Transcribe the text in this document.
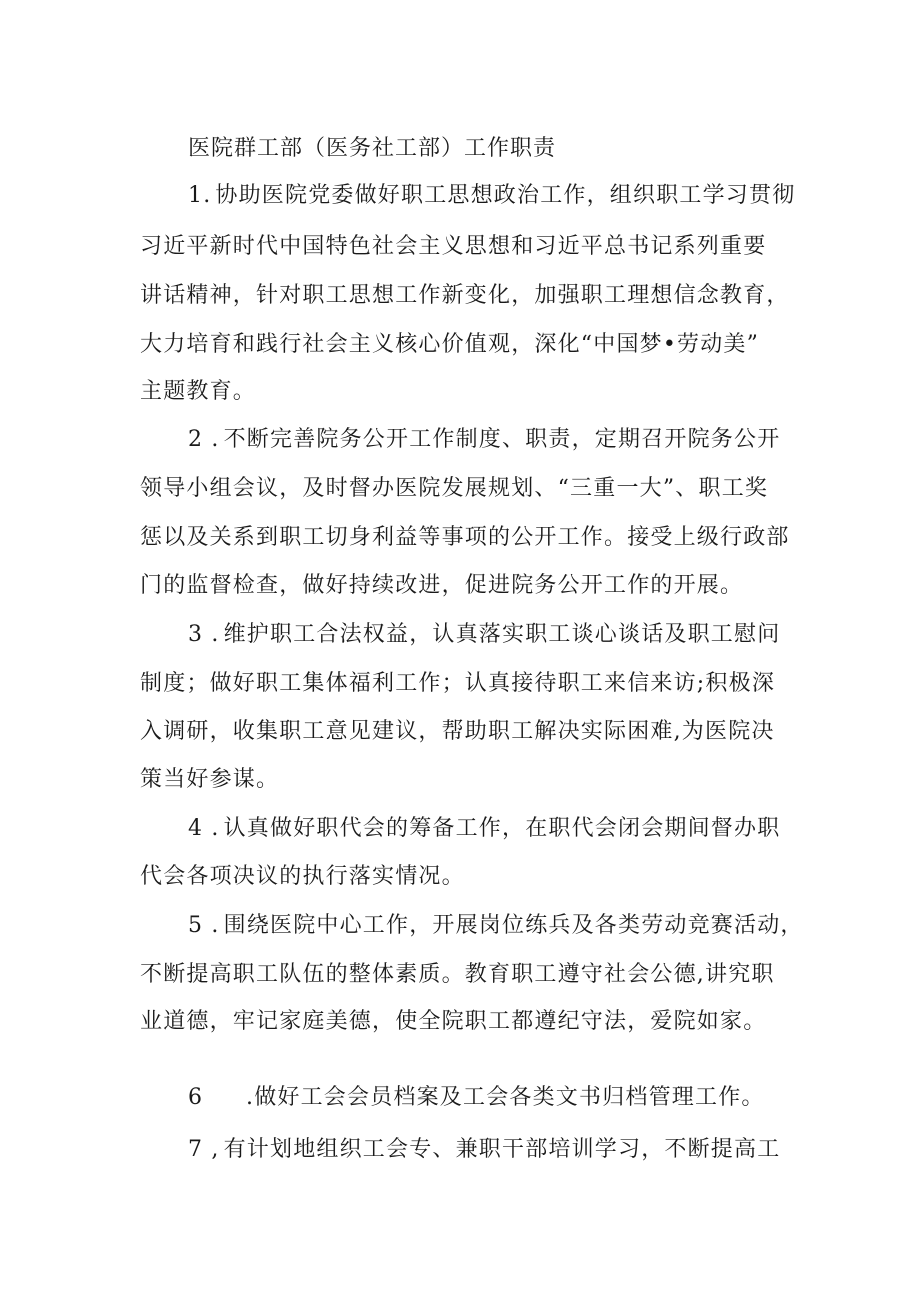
医院群工部（医务社工部）工作职责
1. 协助医院党委做好职工思想政治工作，组织职工学习贯彻
习近平新时代中国特色社会主义思想和习近平总书记系列重要
讲话精神，针对职工思想工作新变化，加强职工理想信念教育，
大力培育和践行社会主义核心价值观，深化“中国梦•劳动美”
主题教育。
2 . 不断完善院务公开工作制度、职责，定期召开院务公开
领导小组会议，及时督办医院发展规划、“三重一大”、职工奖
惩以及关系到职工切身利益等事项的公开工作。接受上级行政部
门的监督检查，做好持续改进，促进院务公开工作的开展。
3 . 维护职工合法权益，认真落实职工谈心谈话及职工慰问
制度；做好职工集体福利工作；认真接待职工来信来访;积极深
入调研，收集职工意见建议，帮助职工解决实际困难,为医院决
策当好参谋。
4 . 认真做好职代会的筹备工作，在职代会闭会期间督办职
代会各项决议的执行落实情况。
5 . 围绕医院中心工作，开展岗位练兵及各类劳动竞赛活动，
不断提高职工队伍的整体素质。教育职工遵守社会公德,讲究职
业道德，牢记家庭美德，使全院职工都遵纪守法，爱院如家。
6 .做好工会会员档案及工会各类文书归档管理工作。
7 , 有计划地组织工会专、兼职干部培训学习，不断提高工
